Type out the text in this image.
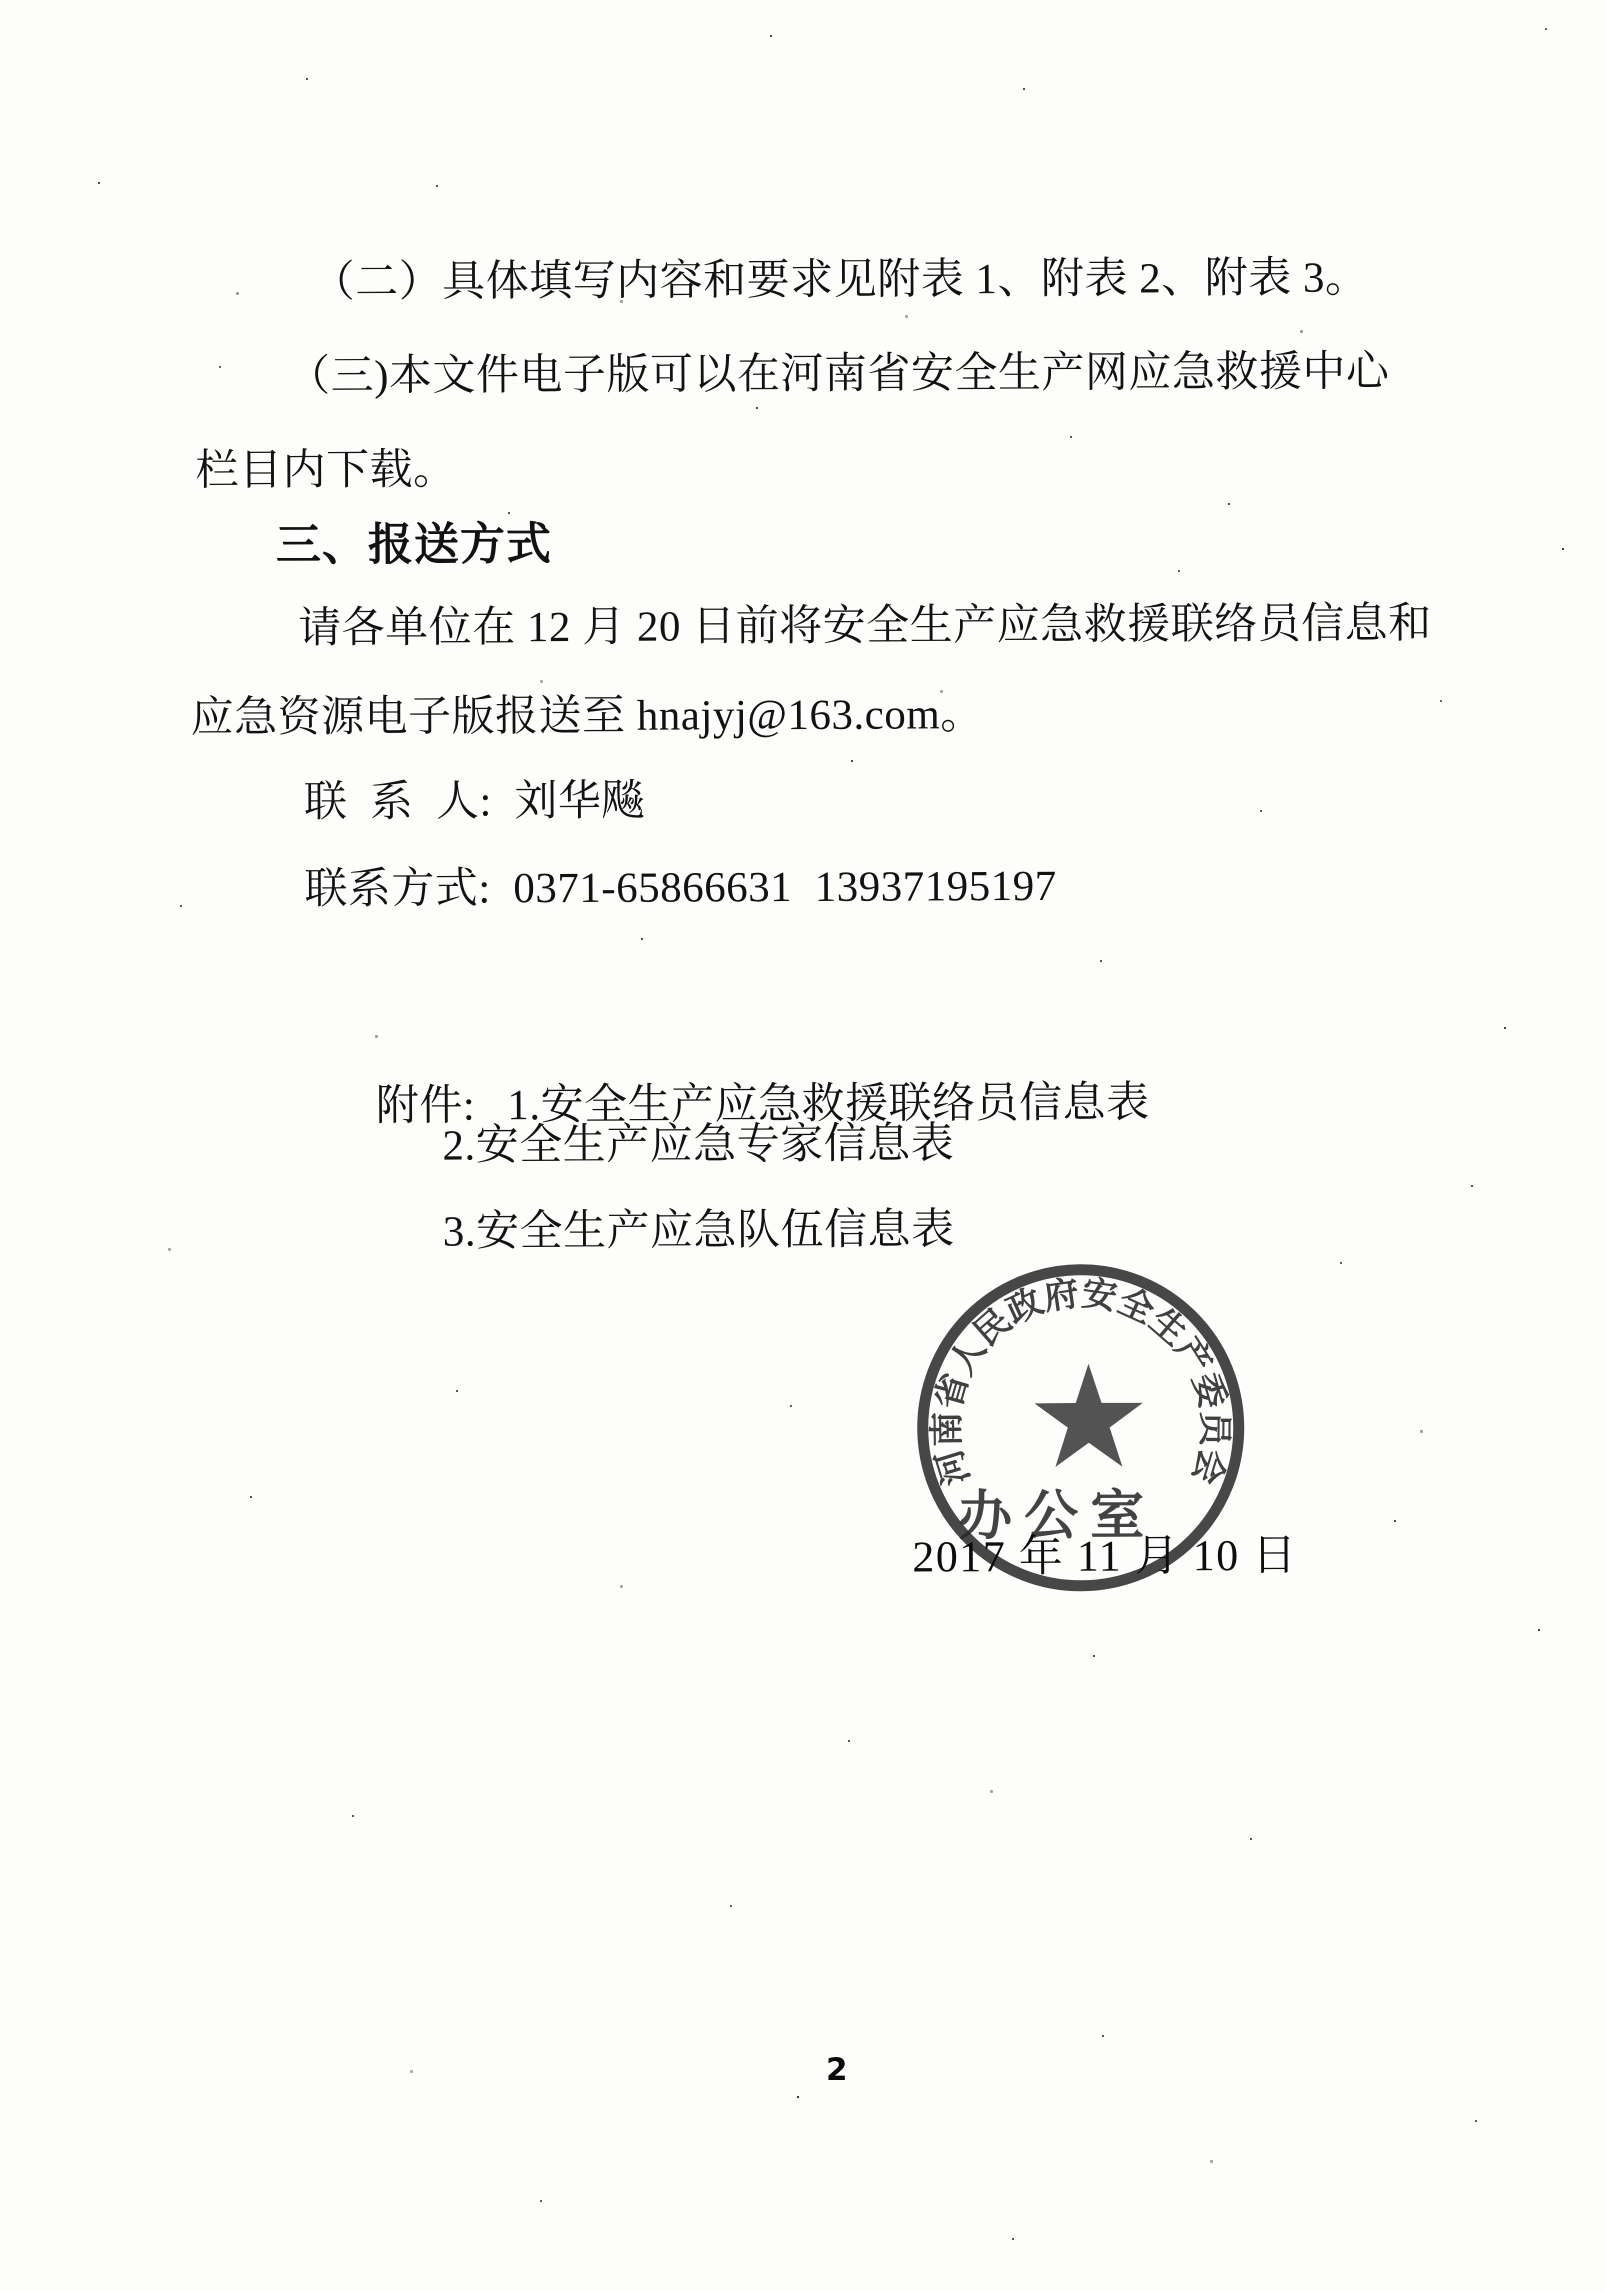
（二）具体填写内容和要求见附表 1、附表 2、附表 3。
（三)本文件电子版可以在河南省安全生产网应急救援中心
栏目内下载。
三、报送方式
请各单位在 12 月 20 日前将安全生产应急救援联络员信息和
应急资源电子版报送至 hnajyj@163.com。
联  系  人:  刘华飚
联系方式:  0371-65866631  13937195197

附件: 1.安全生产应急救援联络员信息表

2.安全生产应急专家信息表
3.安全生产应急队伍信息表
河南省人民政府安全生产委员会
办公室
2017 年 11 月 10 日
2
